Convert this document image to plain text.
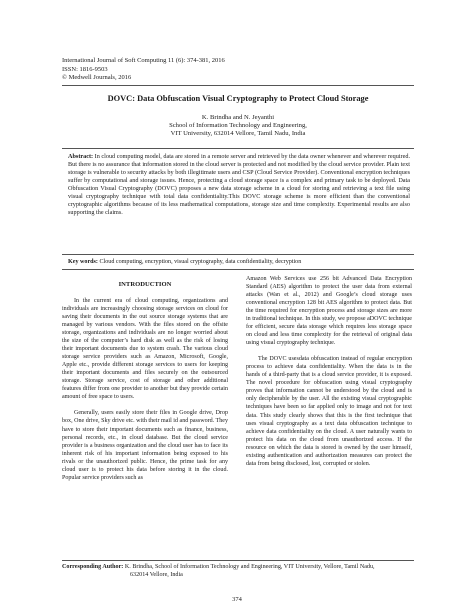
International Journal of Soft Computing 11 (6): 374-381, 2016
ISSN: 1816-9503
© Medwell Journals, 2016
DOVC: Data Obfuscation Visual Cryptography to Protect Cloud Storage
K. Brindha and N. Jeyanthi
School of Information Technology and Engineering,
VIT University, 632014 Vellore, Tamil Nadu, India
Abstract: In cloud computing model, data are stored in a remote server and retrieved by the data owner whenever and wherever required. But there is no assurance that information stored in the cloud server is protected and not modified by the cloud service provider. Plain text storage is vulnerable to security attacks by both illegitimate users and CSP (Cloud Service Provider). Conventional encryption techniques suffer by computational and storage issues. Hence, protecting a cloud storage space is a complex and primary task to be deployed. Data Obfuscation Visual Cryptography (DOVC) proposes a new data storage scheme in a cloud for storing and retrieving a text file using visual cryptography technique with total data confidentiality.This DOVC storage scheme is more efficient than the conventional cryptographic algorithms because of its less mathematical computations, storage size and time complexity. Experimental results are also supporting the claims.
Key words: Cloud computing, encryption, visual cryptography, data confidentiality, decryption
INTRODUCTION

In the current era of cloud computing, organizations and individuals are increasingly choosing storage services on cloud for saving their documents in the out source storage systems that are managed by various vendors. With the files stored on the offsite storage, organizations and individuals are no longer worried about the size of the computer’s hard disk as well as the risk of losing their important documents due to system crash. The various cloud storage service providers such as Amazon, Microsoft, Google, Apple etc., provide different storage services to users for keeping their important documents and files securely on the outsourced storage. Storage service, cost of storage and other additional features differ from one provider to another but they provide certain amount of free space to users.

Generally, users easily store their files in Google drive, Drop box, One drive, Sky drive etc. with their mail id and password. They have to store their important documents such as finance, business, personal records, etc., in cloud database. But the cloud service provider is a business organization and the cloud user has to face its inherent risk of his important information being exposed to his rivals or the unauthorized public. Hence, the prime task for any cloud user is to protect his data before storing it in the cloud. Popular service providers such as

Amazon Web Services use 256 bit Advanced Data Encryption Standard (AES) algorithm to protect the user data from external attacks (Wan et al., 2012) and Google’s cloud storage uses conventional encryption 128 bit AES algorithm to protect data. But the time required for encryption process and storage sizes are more in traditional technique. In this study, we propose aDOVC technique for efficient, secure data storage which requires less storage space on cloud and less time complexity for the retrieval of original data using visual cryptography technique.

The DOVC usesdata obfuscation instead of regular encryption process to achieve data confidentiality. When the data is in the hands of a third-party that is a cloud service provider, it is exposed. The novel procedure for obfuscation using visual cryptography proves that information cannot be understood by the cloud and is only decipherable by the user. All the existing visual cryptographic techniques have been so far applied only to image and not for text data. This study clearly shows that this is the first technique that uses visual cryptography as a text data obfuscation technique to achieve data confidentiality on the cloud. A user naturally wants to protect his data on the cloud from unauthorized access. If the resource on which the data is stored is owned by the user himself, existing authentication and authorization measures can protect the data from being disclosed, lost, corrupted or stolen.

Corresponding Author: K. Brindha, School of Information Technology and Engineering, VIT University, Vellore, Tamil Nadu,
632014 Vellore, India
374
